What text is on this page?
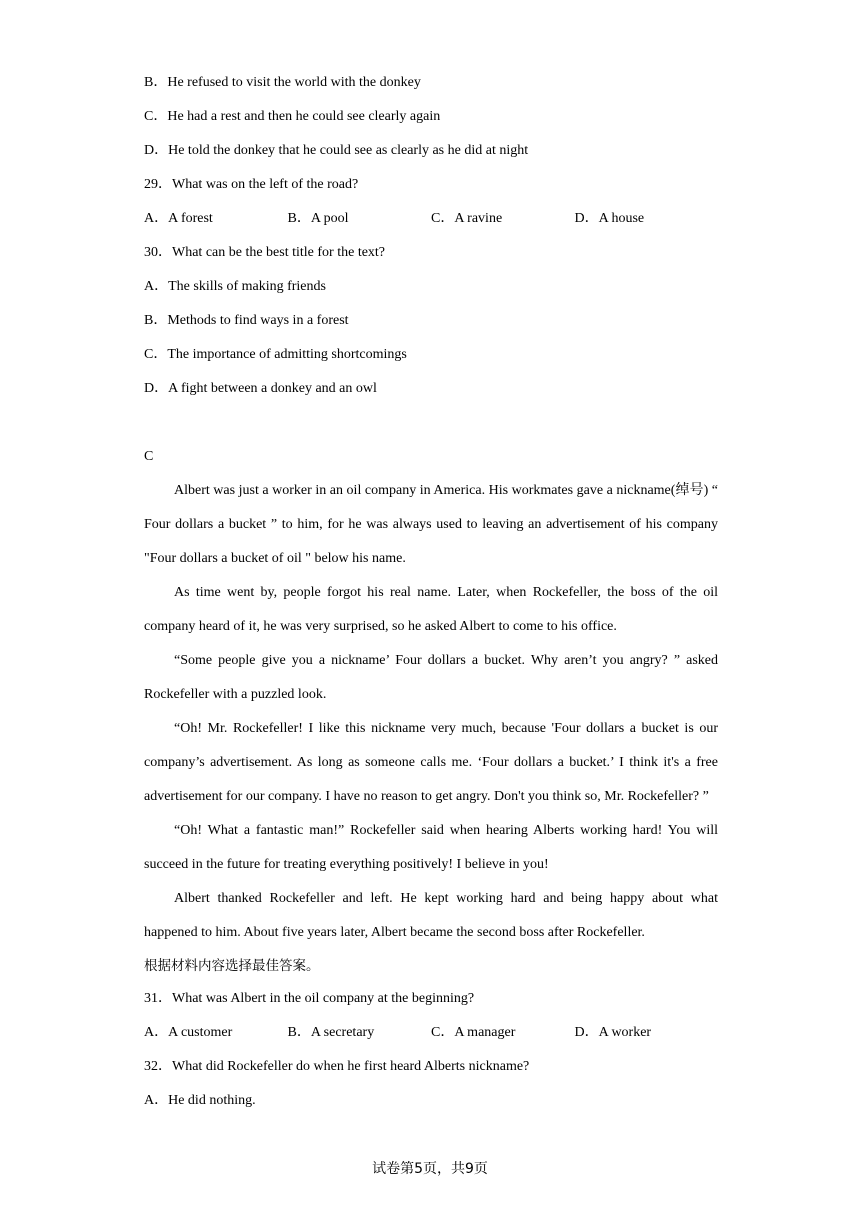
B．He refused to visit the world with the donkey
C．He had a rest and then he could see clearly again
D．He told the donkey that he could see as clearly as he did at night
29．What was on the left of the road?
A．A forest	B．A pool	C．A ravine	D．A house
30．What can be the best title for the text?
A．The skills of making friends
B．Methods to find ways in a forest
C．The importance of admitting shortcomings
D．A fight between a donkey and an owl
C

Albert was just a worker in an oil company in America. His workmates gave a nickname(绰号) “ Four dollars a bucket ” to him, for he was always used to leaving an advertisement of his company "Four dollars a bucket of oil " below his name.

As time went by, people forgot his real name. Later, when Rockefeller, the boss of the oil company heard of it, he was very surprised, so he asked Albert to come to his office.

“Some people give you a nickname’ Four dollars a bucket. Why aren’t you angry? ” asked Rockefeller with a puzzled look.

“Oh! Mr. Rockefeller! I like this nickname very much, because 'Four dollars a bucket is our company’s advertisement. As long as someone calls me. ‘Four dollars a bucket.’ I think it's a free advertisement for our company. I have no reason to get angry. Don't you think so, Mr. Rockefeller? ”

“Oh! What a fantastic man!” Rockefeller said when hearing Alberts working hard! You will succeed in the future for treating everything positively! I believe in you!

Albert thanked Rockefeller and left. He kept working hard and being happy about what happened to him. About five years later, Albert became the second boss after Rockefeller.

根据材料内容选择最佳答案。
31．What was Albert in the oil company at the beginning?
A．A customer	B．A secretary	C．A manager	D．A worker
32．What did Rockefeller do when he first heard Alberts nickname?
A．He did nothing.
试卷第5页，共9页
